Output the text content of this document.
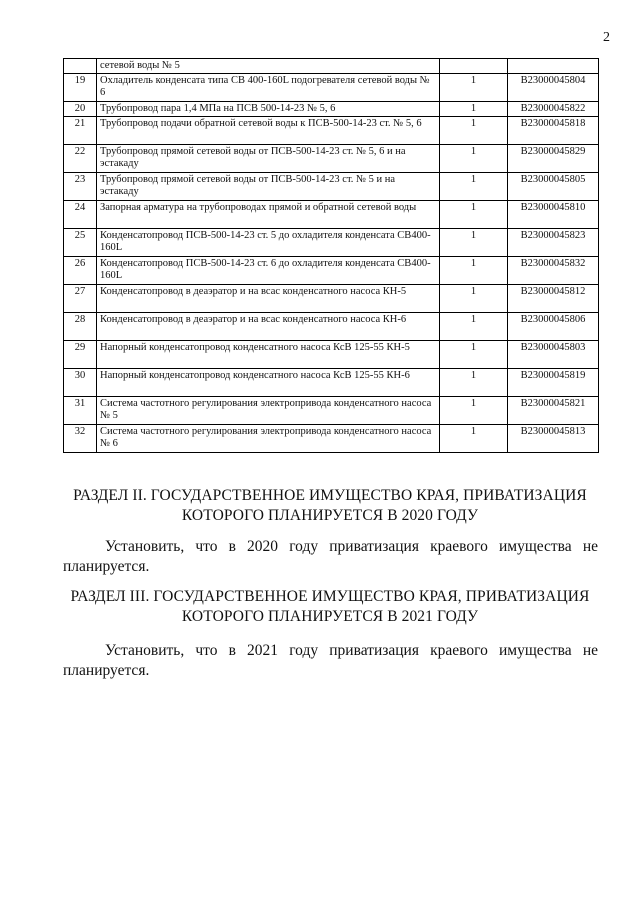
2
	сетевой воды № 5		
19	Охладитель конденсата типа СВ 400-160L подогревателя сетевой воды № 6	1	В23000045804
20	Трубопровод пара 1,4 МПа на ПСВ 500-14-23 № 5, 6	1	В23000045822
21	Трубопровод подачи обратной сетевой воды к ПСВ-500-14-23 ст. № 5, 6	1	В23000045818
22	Трубопровод прямой сетевой воды от ПСВ-500-14-23 ст. № 5, 6 и на эстакаду	1	В23000045829
23	Трубопровод прямой сетевой воды от ПСВ-500-14-23 ст. № 5 и на эстакаду	1	В23000045805
24	Запорная арматура на трубопроводах прямой и обратной сетевой воды	1	В23000045810
25	Конденсатопровод ПСВ-500-14-23 ст. 5 до охладителя конденсата СВ400-160L	1	В23000045823
26	Конденсатопровод ПСВ-500-14-23 ст. 6 до охладителя конденсата СВ400-160L	1	В23000045832
27	Конденсатопровод в деаэратор и на всас конденсатного насоса КН-5	1	В23000045812
28	Конденсатопровод в деаэратор и на всас конденсатного насоса КН-6	1	В23000045806
29	Напорный конденсатопровод конденсатного насоса КсВ 125-55 КН-5	1	В23000045803
30	Напорный конденсатопровод конденсатного насоса КсВ 125-55 КН-6	1	В23000045819
31	Система частотного регулирования электропривода конденсатного насоса № 5	1	В23000045821
32	Система частотного регулирования электропривода конденсатного насоса № 6	1	В23000045813
РАЗДЕЛ II. ГОСУДАРСТВЕННОЕ ИМУЩЕСТВО КРАЯ, ПРИВАТИЗАЦИЯ КОТОРОГО ПЛАНИРУЕТСЯ В 2020 ГОДУ
Установить, что в 2020 году приватизация краевого имущества не планируется.
РАЗДЕЛ III. ГОСУДАРСТВЕННОЕ ИМУЩЕСТВО КРАЯ, ПРИВАТИЗАЦИЯ КОТОРОГО ПЛАНИРУЕТСЯ В 2021 ГОДУ
Установить, что в 2021 году приватизация краевого имущества не планируется.
